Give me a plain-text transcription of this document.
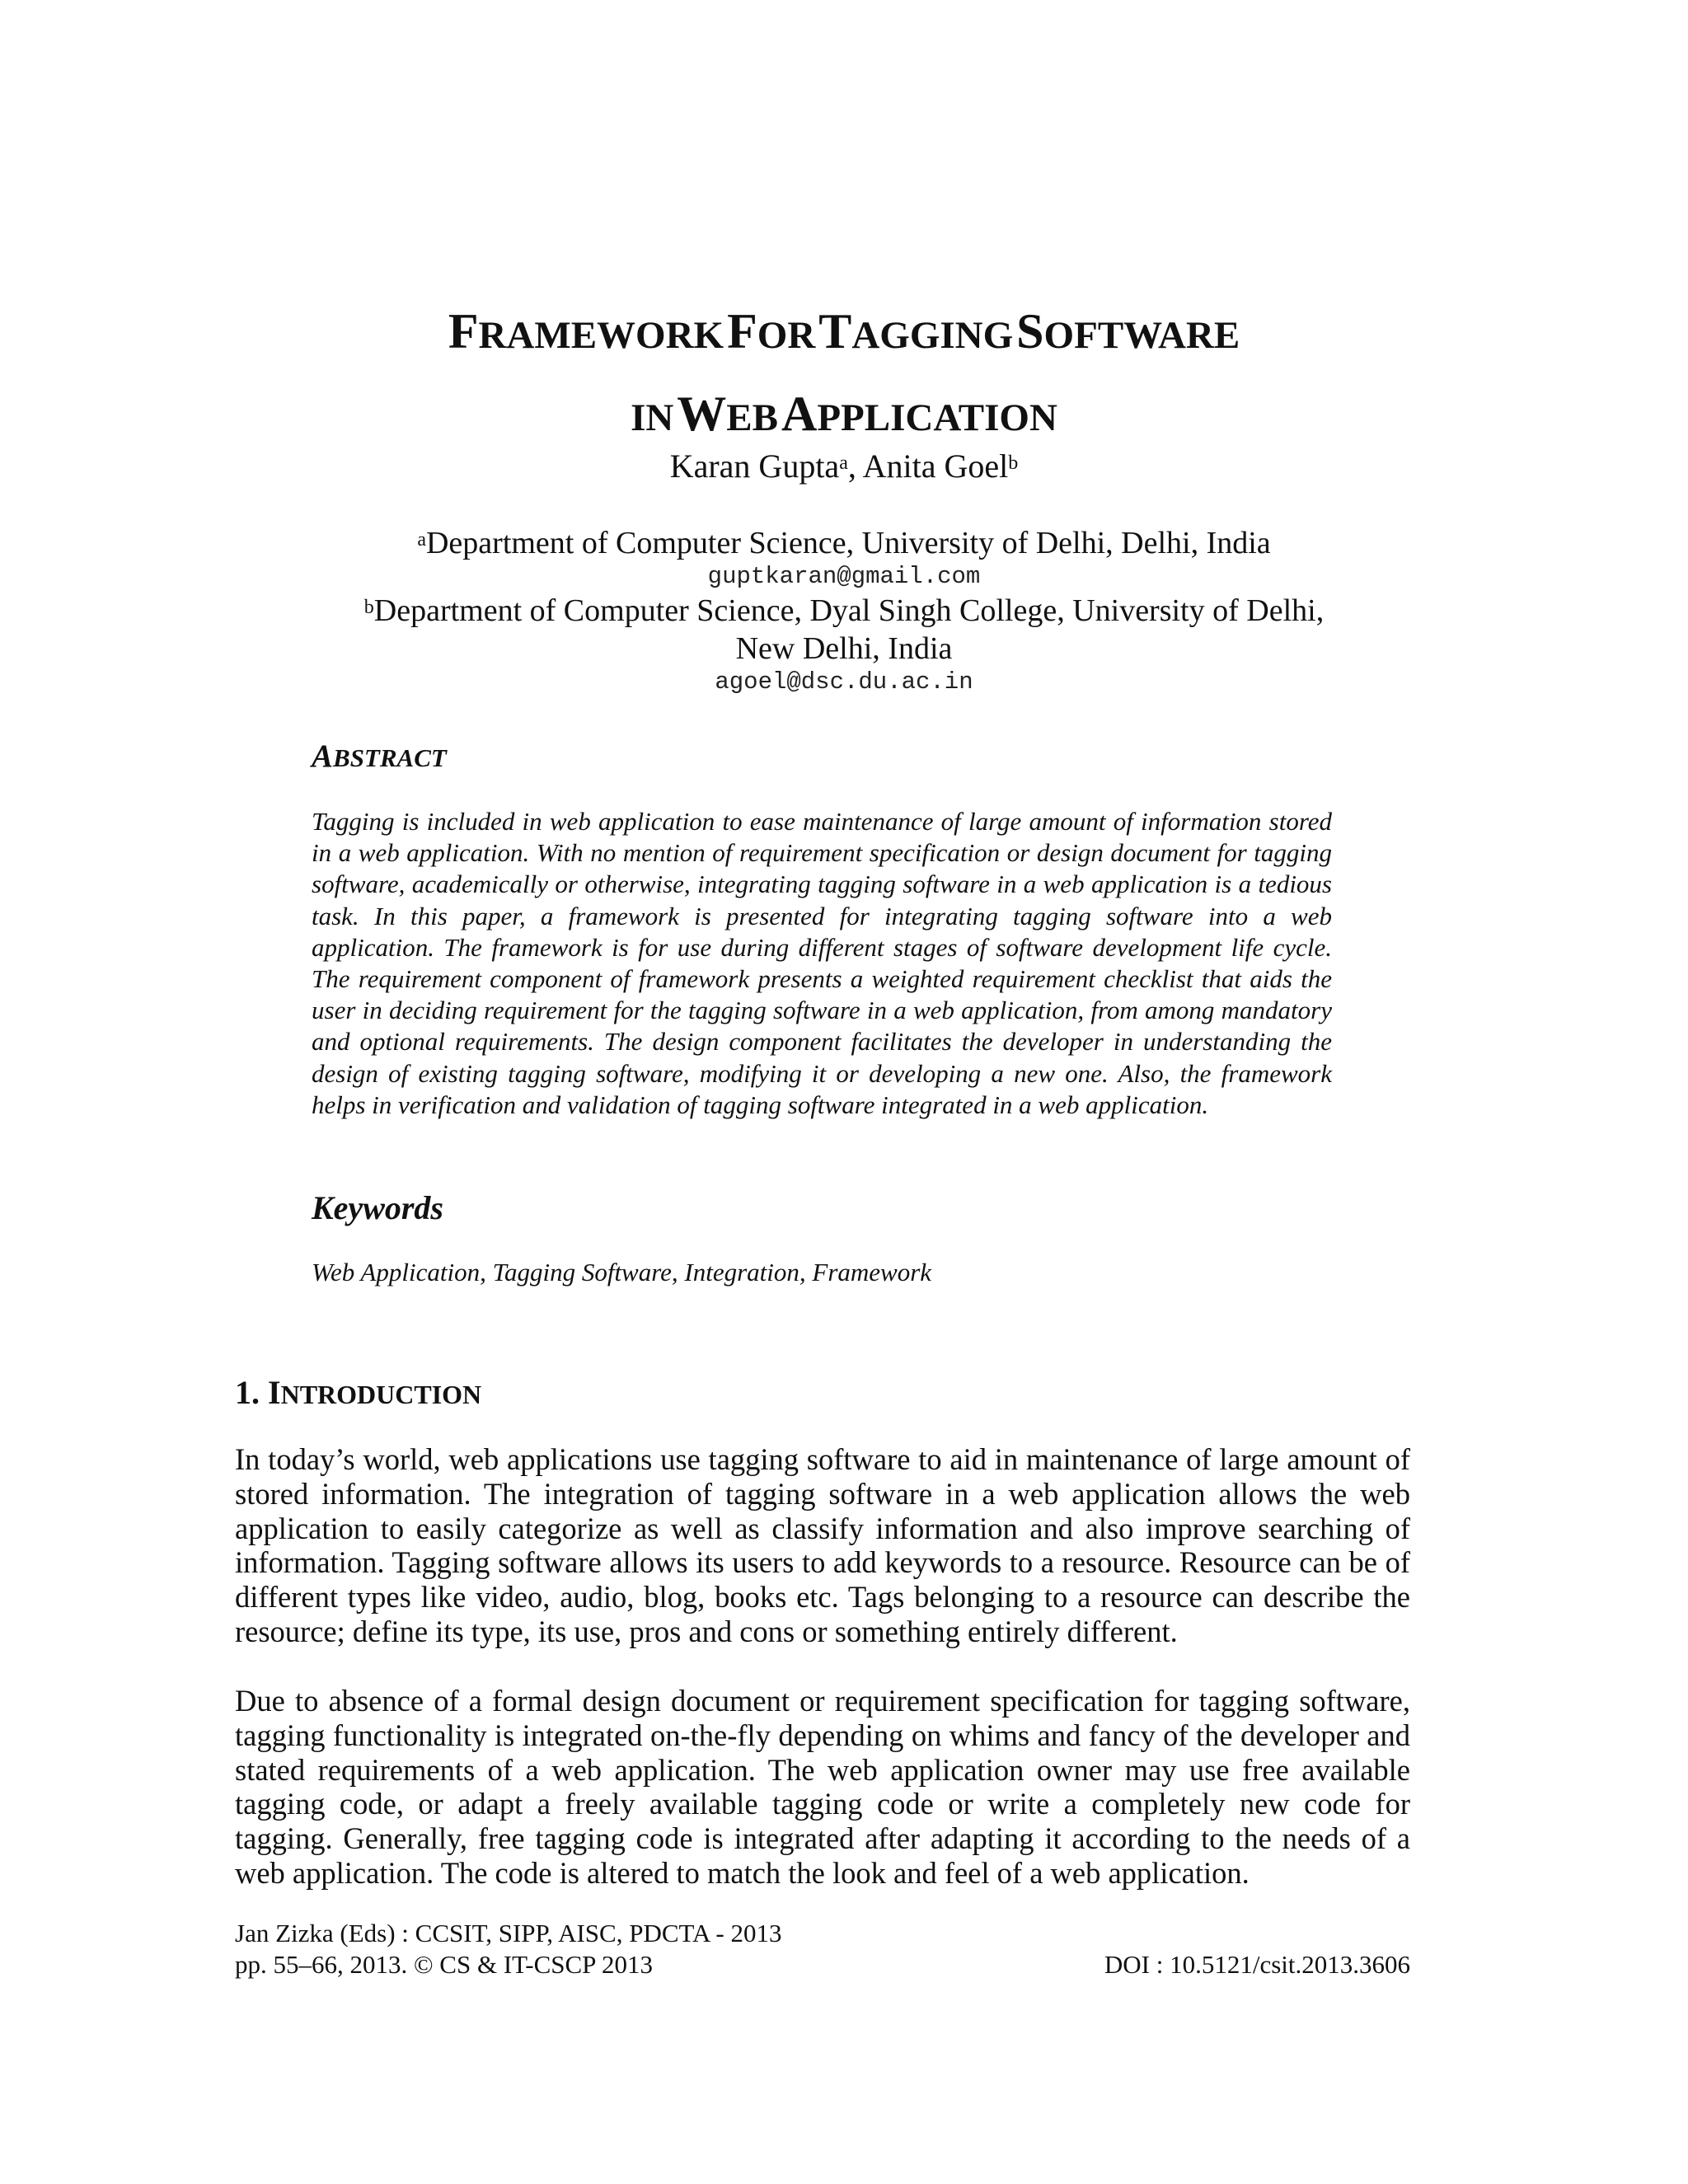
FRAMEWORK FOR TAGGING SOFTWARE
IN WEB APPLICATION
Karan Gupta$^a$, Anita Goel$^b$
$^a$Department of Computer Science, University of Delhi, Delhi, India
guptkaran@gmail.com
$^b$Department of Computer Science, Dyal Singh College, University of Delhi,
New Delhi, India
agoel@dsc.du.ac.in
ABSTRACT
Tagging is included in web application to ease maintenance of large amount of information stored in a web application. With no mention of requirement specification or design document for tagging software, academically or otherwise, integrating tagging software in a web application is a tedious task. In this paper, a framework is presented for integrating tagging software into a web application. The framework is for use during different stages of software development life cycle. The requirement component of framework presents a weighted requirement checklist that aids the user in deciding requirement for the tagging software in a web application, from among mandatory and optional requirements. The design component facilitates the developer in understanding the design of existing tagging software, modifying it or developing a new one. Also, the framework helps in verification and validation of tagging software integrated in a web application.
Keywords
Web Application, Tagging Software, Integration, Framework
1. INTRODUCTION
In today’s world, web applications use tagging software to aid in maintenance of large amount of stored information. The integration of tagging software in a web application allows the web application to easily categorize as well as classify information and also improve searching of information. Tagging software allows its users to add keywords to a resource. Resource can be of different types like video, audio, blog, books etc. Tags belonging to a resource can describe the resource; define its type, its use, pros and cons or something entirely different.
Due to absence of a formal design document or requirement specification for tagging software, tagging functionality is integrated on-the-fly depending on whims and fancy of the developer and stated requirements of a web application. The web application owner may use free available tagging code, or adapt a freely available tagging code or write a completely new code for tagging. Generally, free tagging code is integrated after adapting it according to the needs of a web application. The code is altered to match the look and feel of a web application.
Jan Zizka (Eds) : CCSIT, SIPP, AISC, PDCTA - 2013
pp. 55–66, 2013. © CS & IT-CSCP 2013	DOI : 10.5121/csit.2013.3606
